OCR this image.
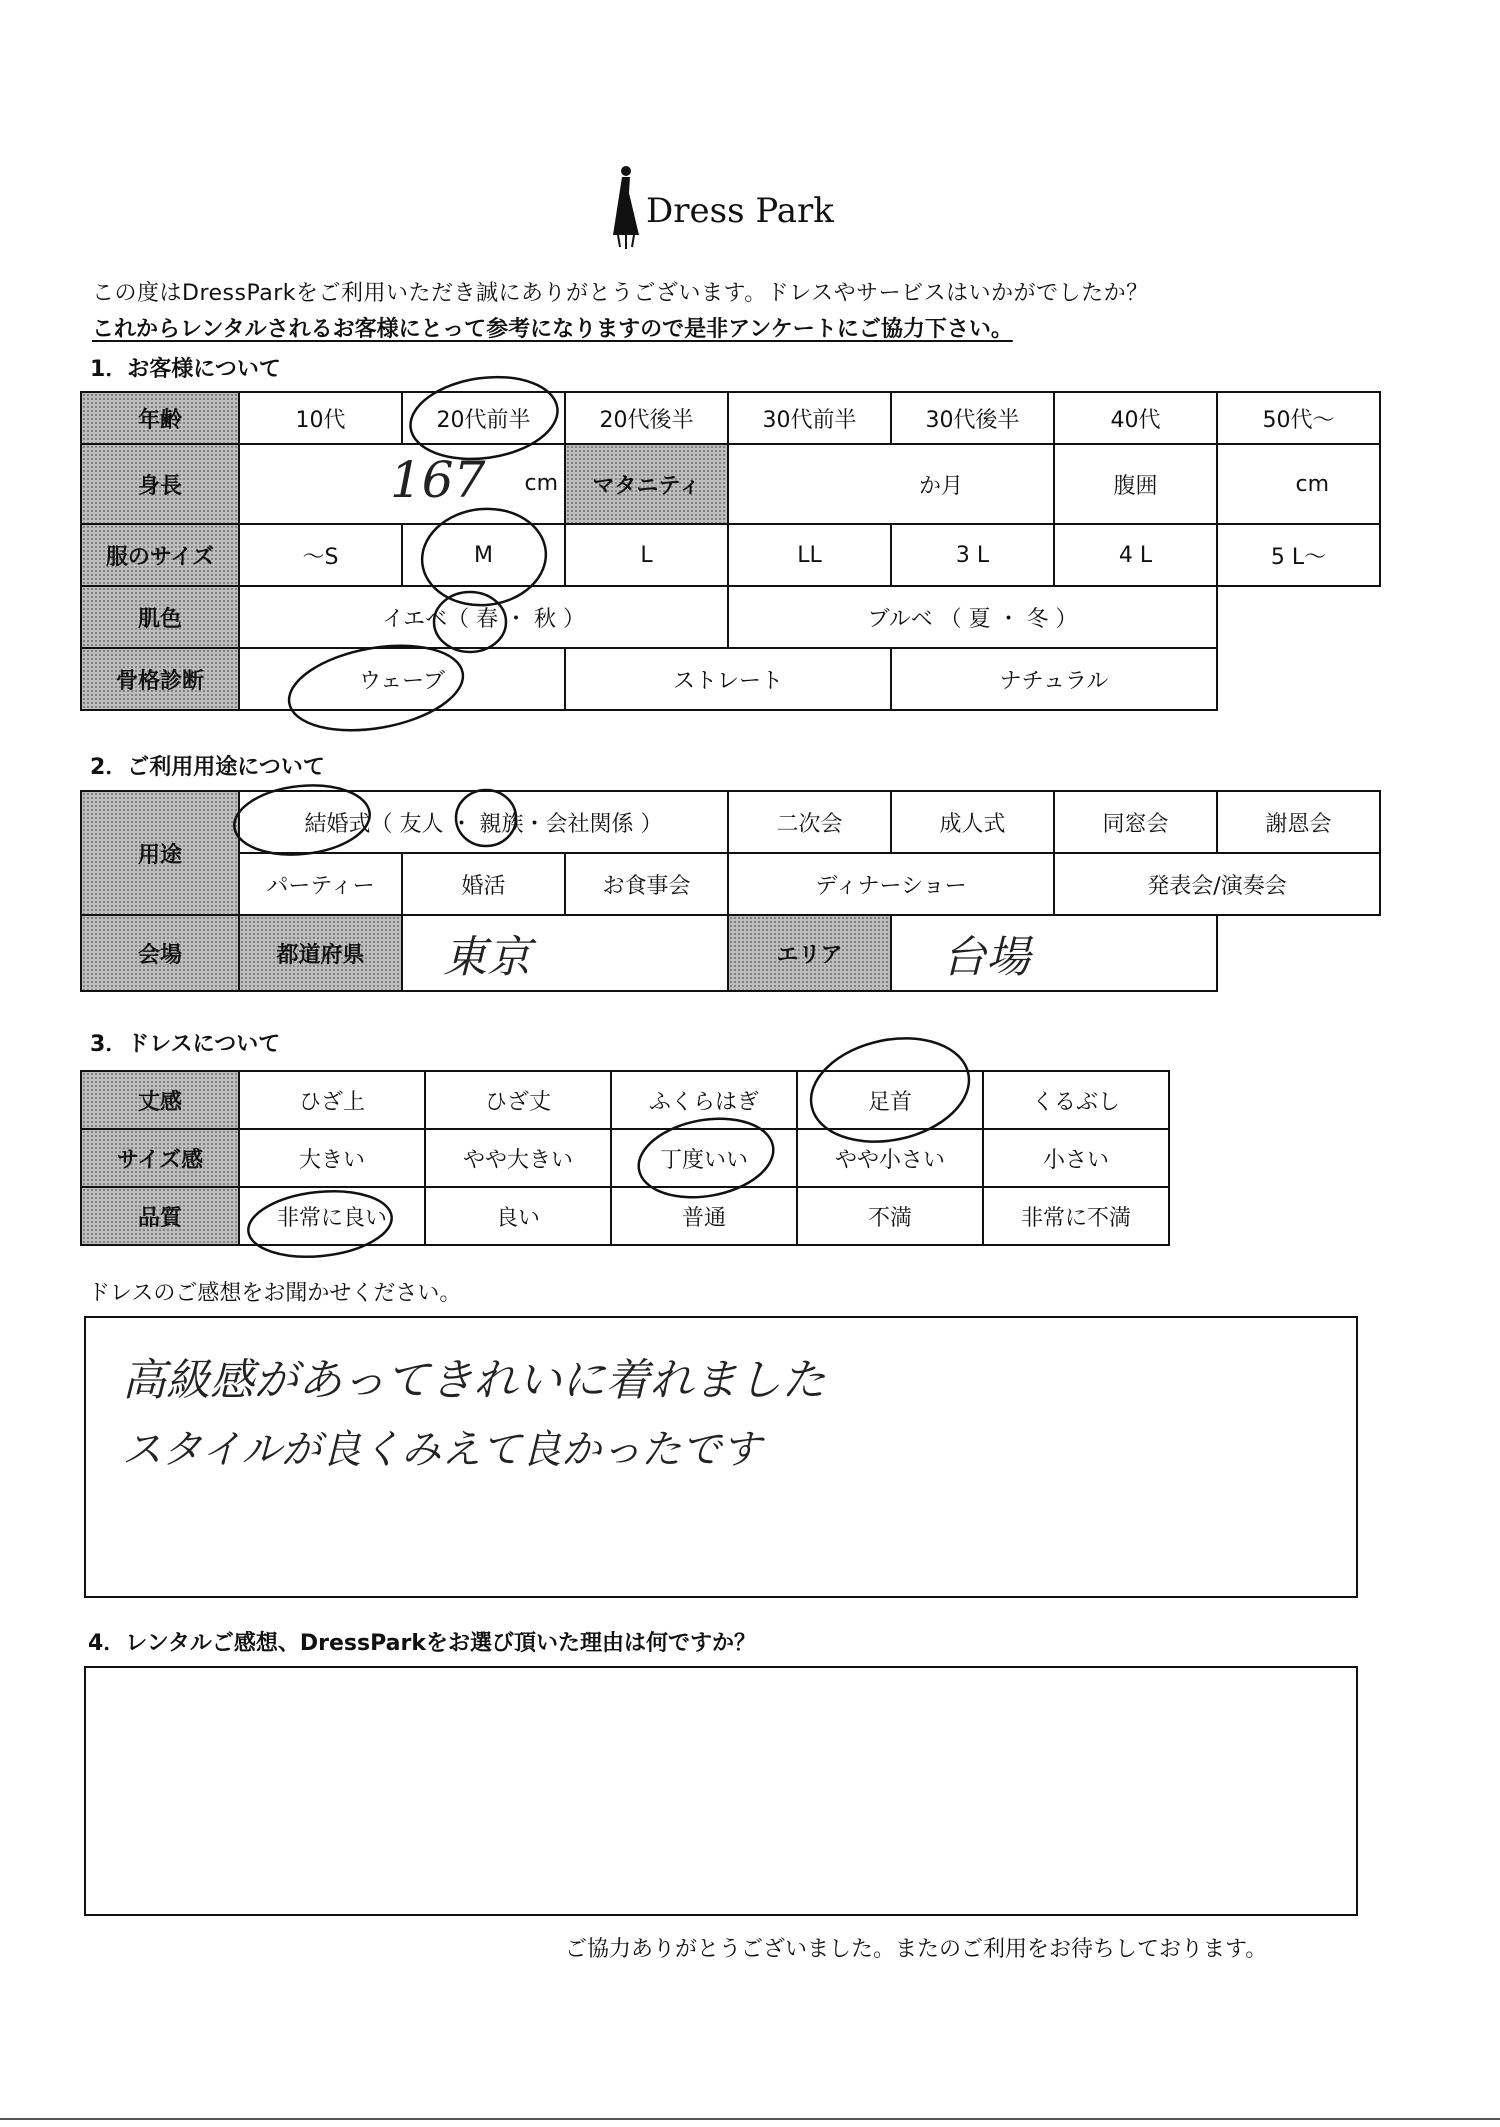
Dress Park
この度はDressParkをご利用いただき誠にありがとうございます。ドレスやサービスはいかがでしたか？
これからレンタルされるお客様にとって参考になりますので是非アンケートにご協力下さい。
1．お客様について
年齢	10代	20代前半	20代後半	30代前半	30代後半	40代	50代～
身長	167 cm		マタニティ	か月		腹囲	cm
服のサイズ	～S	M	L	LL	3 L	4 L	5 L～
肌色	イエベ（ 春 ・ 秋 ）			ブルベ （ 夏 ・ 冬 ）			
骨格診断	ウェーブ		ストレート		ナチュラル		
2．ご利用用途について
用途	結婚式（ 友人 ・ 親族・会社関係 ）			二次会	成人式	同窓会	謝恩会
	パーティー	婚活	お食事会	ディナーショー		発表会/演奏会	
会場	都道府県	東京		エリア	台場		
3．ドレスについて
丈感	ひざ上	ひざ丈	ふくらはぎ	足首	くるぶし
サイズ感	大きい	やや大きい	丁度いい	やや小さい	小さい
品質	非常に良い	良い	普通	不満	非常に不満
ドレスのご感想をお聞かせください。
高級感があってきれいに着れました
スタイルが良くみえて良かったです
4．レンタルご感想、DressParkをお選び頂いた理由は何ですか？
ご協力ありがとうございました。またのご利用をお待ちしております。
